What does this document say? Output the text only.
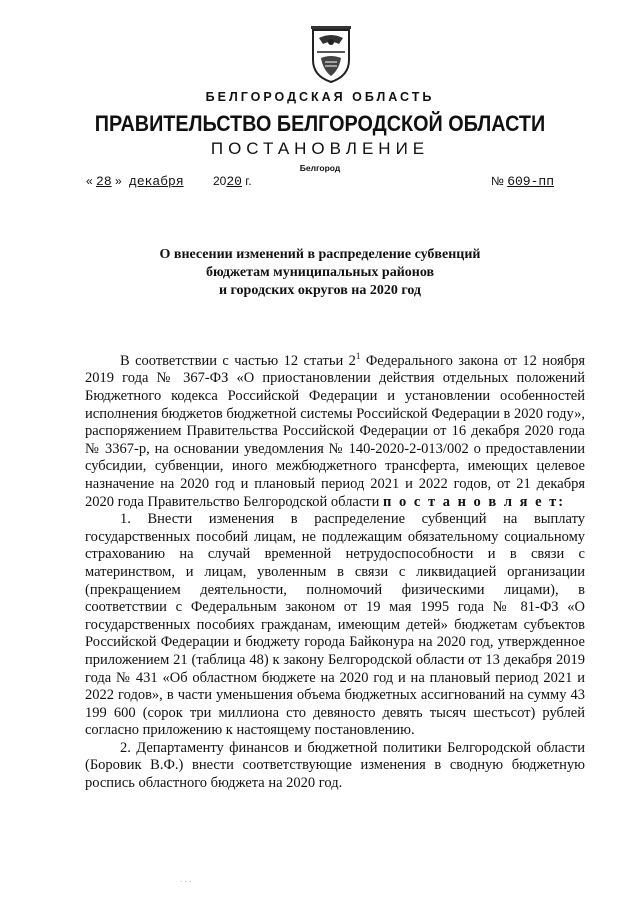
БЕЛГОРОДСКАЯ ОБЛАСТЬ
ПРАВИТЕЛЬСТВО БЕЛГОРОДСКОЙ ОБЛАСТИ
ПОСТАНОВЛЕНИЕ
Белгород
« 28 » декабря 2020 г.	№ 609-пп
О внесении изменений в распределение субвенций
бюджетам муниципальных районов
и городских округов на 2020 год

В соответствии с частью 12 статьи $2^1$ Федерального закона от 12 ноября 2019 года № 367-ФЗ «О приостановлении действия отдельных положений Бюджетного кодекса Российской Федерации и установлении особенностей исполнения бюджетов бюджетной системы Российской Федерации в 2020 году», распоряжением Правительства Российской Федерации от 16 декабря 2020 года № 3367-р, на основании уведомления № 140-2020-2-013/002 о предоставлении субсидии, субвенции, иного межбюджетного трансферта, имеющих целевое назначение на 2020 год и плановый период 2021 и 2022 годов, от 21 декабря 2020 года Правительство Белгородской области п о с т а н о в л я е т:

1. Внести изменения в распределение субвенций на выплату государственных пособий лицам, не подлежащим обязательному социальному страхованию на случай временной нетрудоспособности и в связи с материнством, и лицам, уволенным в связи с ликвидацией организации (прекращением деятельности, полномочий физическими лицами), в соответствии с Федеральным законом от 19 мая 1995 года № 81-ФЗ «О государственных пособиях гражданам, имеющим детей» бюджетам субъектов Российской Федерации и бюджету города Байконура на 2020 год, утвержденное приложением 21 (таблица 48) к закону Белгородской области от 13 декабря 2019 года № 431 «Об областном бюджете на 2020 год и на плановый период 2021 и 2022 годов», в части уменьшения объема бюджетных ассигнований на сумму 43 199 600 (сорок три миллиона сто девяносто девять тысяч шестьсот) рублей согласно приложению к настоящему постановлению.

2. Департаменту финансов и бюджетной политики Белгородской области (Боровик В.Ф.) внести соответствующие изменения в сводную бюджетную роспись областного бюджета на 2020 год.

. . .
